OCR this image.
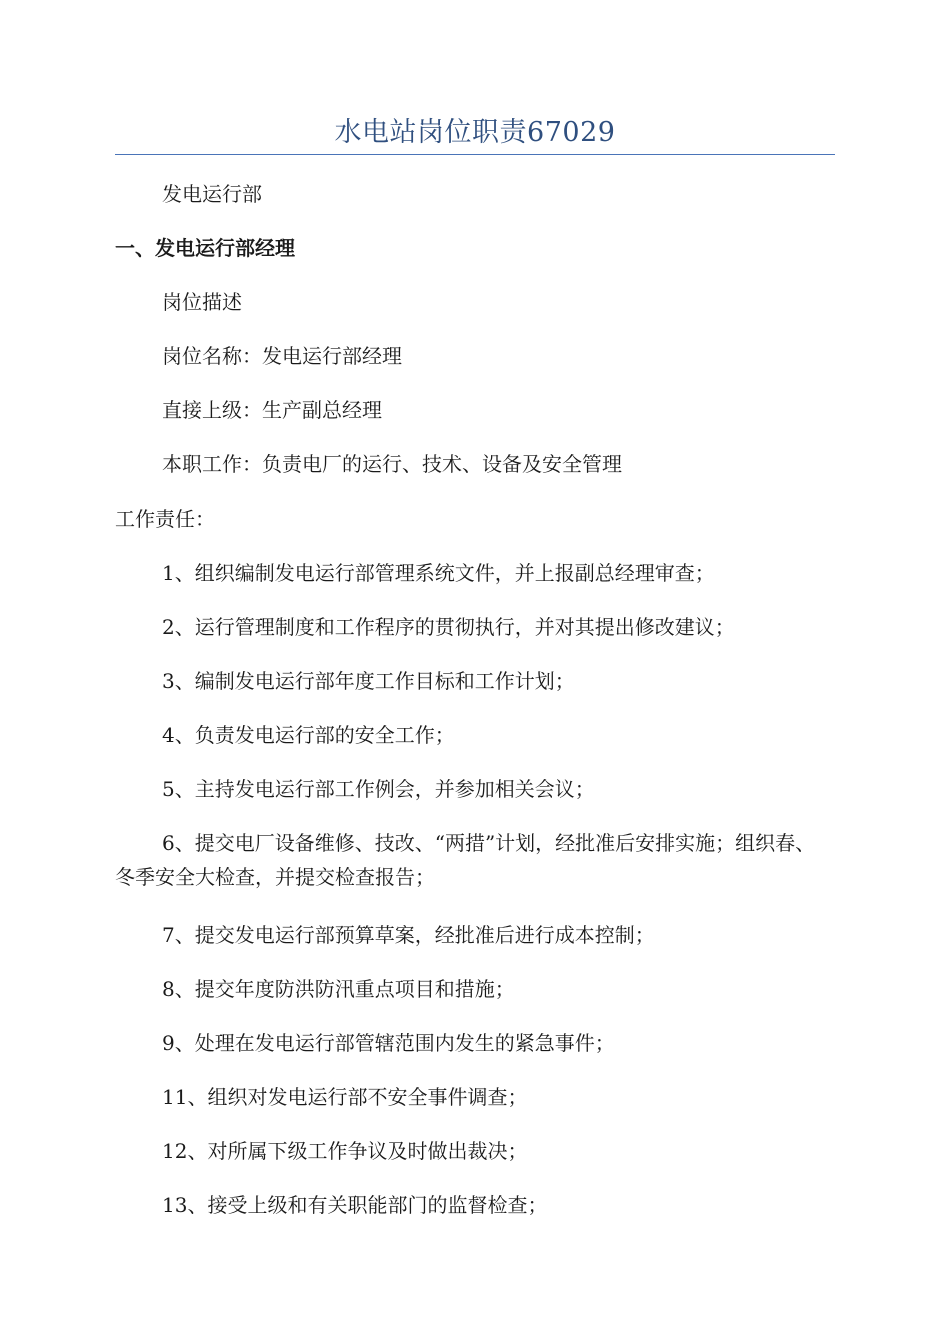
水电站岗位职责67029
发电运行部
一、发电运行部经理
岗位描述
岗位名称：发电运行部经理
直接上级：生产副总经理
本职工作：负责电厂的运行、技术、设备及安全管理
工作责任：
1、组织编制发电运行部管理系统文件，并上报副总经理审查；
2、运行管理制度和工作程序的贯彻执行，并对其提出修改建议；
3、编制发电运行部年度工作目标和工作计划；
4、负责发电运行部的安全工作；
5、主持发电运行部工作例会，并参加相关会议；
6、提交电厂设备维修、技改、“两措”计划，经批准后安排实施；组织春、冬季安全大检查，并提交检查报告；
7、提交发电运行部预算草案，经批准后进行成本控制；
8、提交年度防洪防汛重点项目和措施；
9、处理在发电运行部管辖范围内发生的紧急事件；
11、组织对发电运行部不安全事件调查；
12、对所属下级工作争议及时做出裁决；
13、接受上级和有关职能部门的监督检查；
